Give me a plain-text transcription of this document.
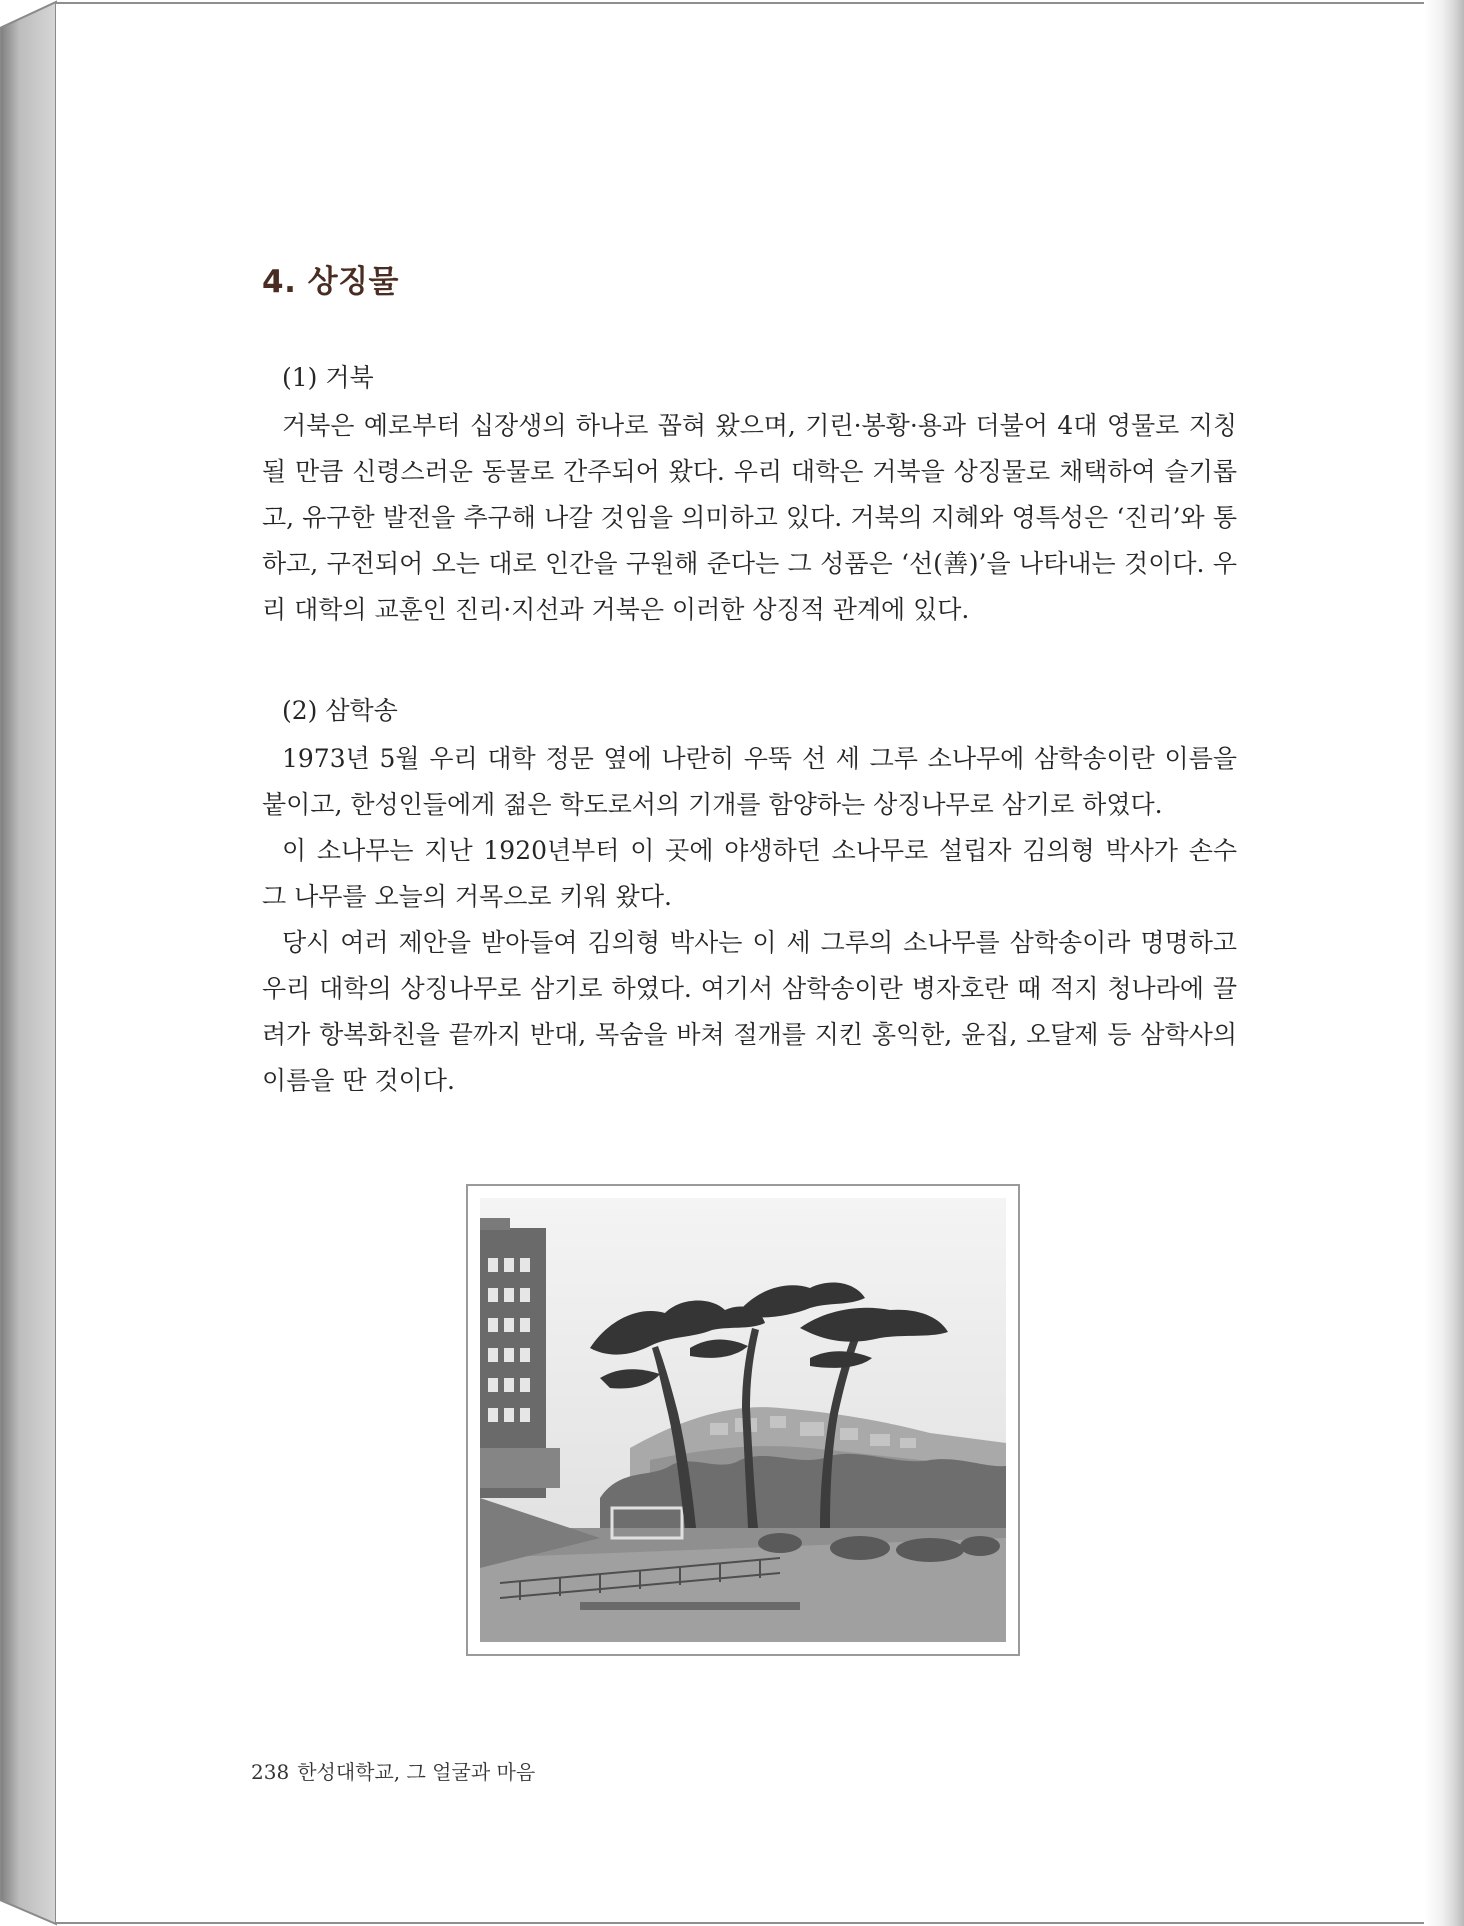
4. 상징물

(1) 거북

거북은 예로부터 십장생의 하나로 꼽혀 왔으며, 기린·봉황·용과 더불어 4대 영물로 지칭될 만큼 신령스러운 동물로 간주되어 왔다. 우리 대학은 거북을 상징물로 채택하여 슬기롭고, 유구한 발전을 추구해 나갈 것임을 의미하고 있다. 거북의 지혜와 영특성은 ‘진리’와 통하고, 구전되어 오는 대로 인간을 구원해 준다는 그 성품은 ‘선(善)’을 나타내는 것이다. 우리 대학의 교훈인 진리·지선과 거북은 이러한 상징적 관계에 있다.

(2) 삼학송

1973년 5월 우리 대학 정문 옆에 나란히 우뚝 선 세 그루 소나무에 삼학송이란 이름을 붙이고, 한성인들에게 젊은 학도로서의 기개를 함양하는 상징나무로 삼기로 하였다.

이 소나무는 지난 1920년부터 이 곳에 야생하던 소나무로 설립자 김의형 박사가 손수 그 나무를 오늘의 거목으로 키워 왔다.

당시 여러 제안을 받아들여 김의형 박사는 이 세 그루의 소나무를 삼학송이라 명명하고 우리 대학의 상징나무로 삼기로 하였다. 여기서 삼학송이란 병자호란 때 적지 청나라에 끌려가 항복화친을 끝까지 반대, 목숨을 바쳐 절개를 지킨 홍익한, 윤집, 오달제 등 삼학사의 이름을 딴 것이다.

238 한성대학교, 그 얼굴과 마음
